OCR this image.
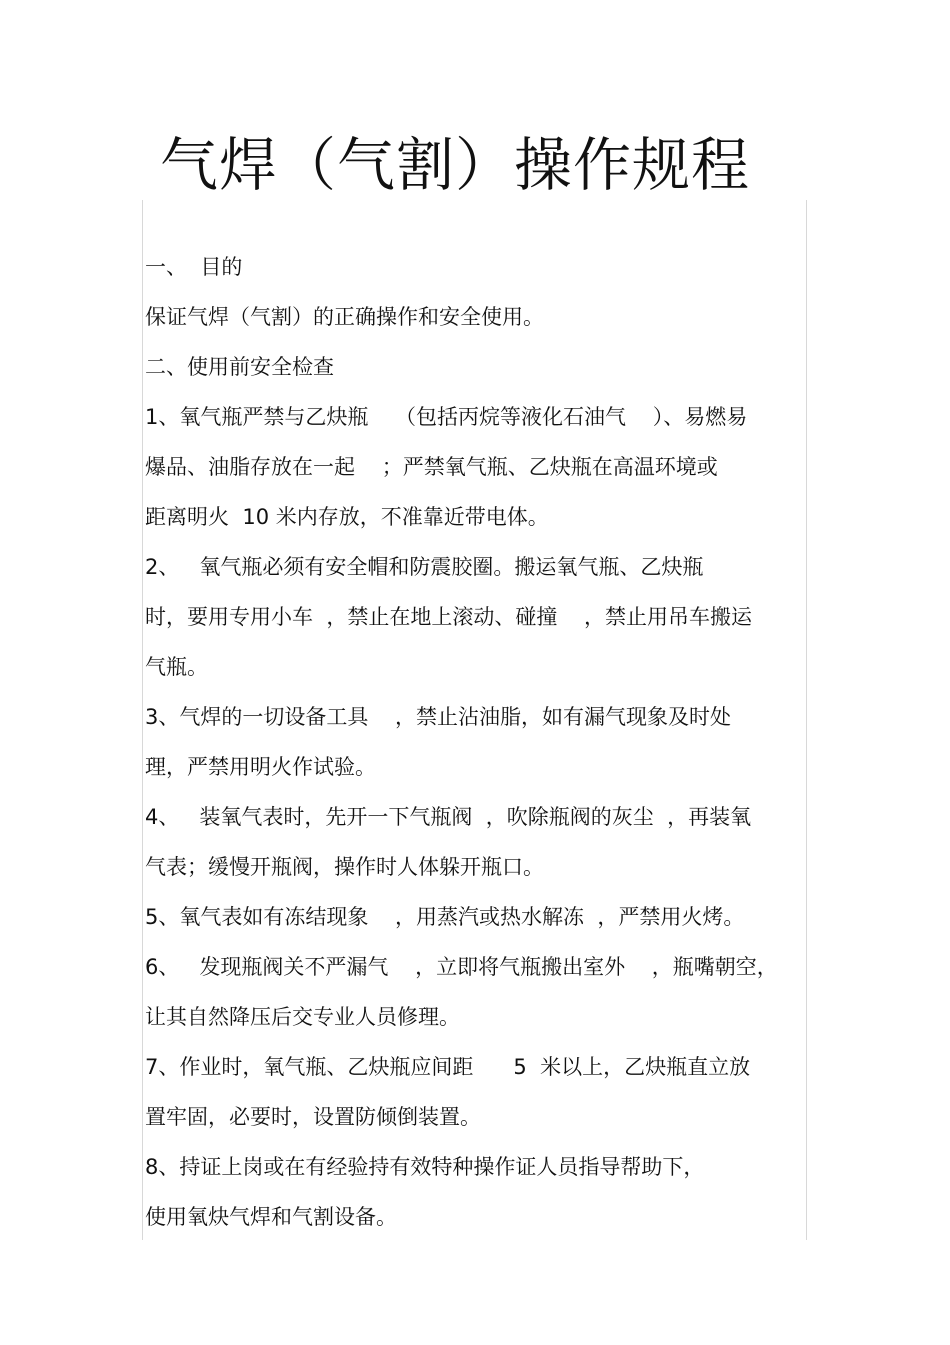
气焊（气割）操作规程
一、  目的
保证气焊（气割）的正确操作和安全使用。
二、使用前安全检查
1、氧气瓶严禁与乙炔瓶    （包括丙烷等液化石油气    ）、易燃易
爆品、油脂存放在一起    ；严禁氧气瓶、乙炔瓶在高温环境或
距离明火  10 米内存放，不准靠近带电体。
2、   氧气瓶必须有安全帽和防震胶圈。搬运氧气瓶、乙炔瓶
时，要用专用小车  ，禁止在地上滚动、碰撞    ，禁止用吊车搬运
气瓶。
3、气焊的一切设备工具    ，禁止沾油脂，如有漏气现象及时处
理，严禁用明火作试验。
4、   装氧气表时，先开一下气瓶阀  ，吹除瓶阀的灰尘  ，再装氧
气表；缓慢开瓶阀，操作时人体躲开瓶口。
5、氧气表如有冻结现象    ，用蒸汽或热水解冻  ，严禁用火烤。
6、   发现瓶阀关不严漏气    ，立即将气瓶搬出室外    ，瓶嘴朝空，
让其自然降压后交专业人员修理。
7、作业时，氧气瓶、乙炔瓶应间距      5  米以上，乙炔瓶直立放
置牢固，必要时，设置防倾倒装置。
8、持证上岗或在有经验持有效特种操作证人员指导帮助下，
使用氧炔气焊和气割设备。
